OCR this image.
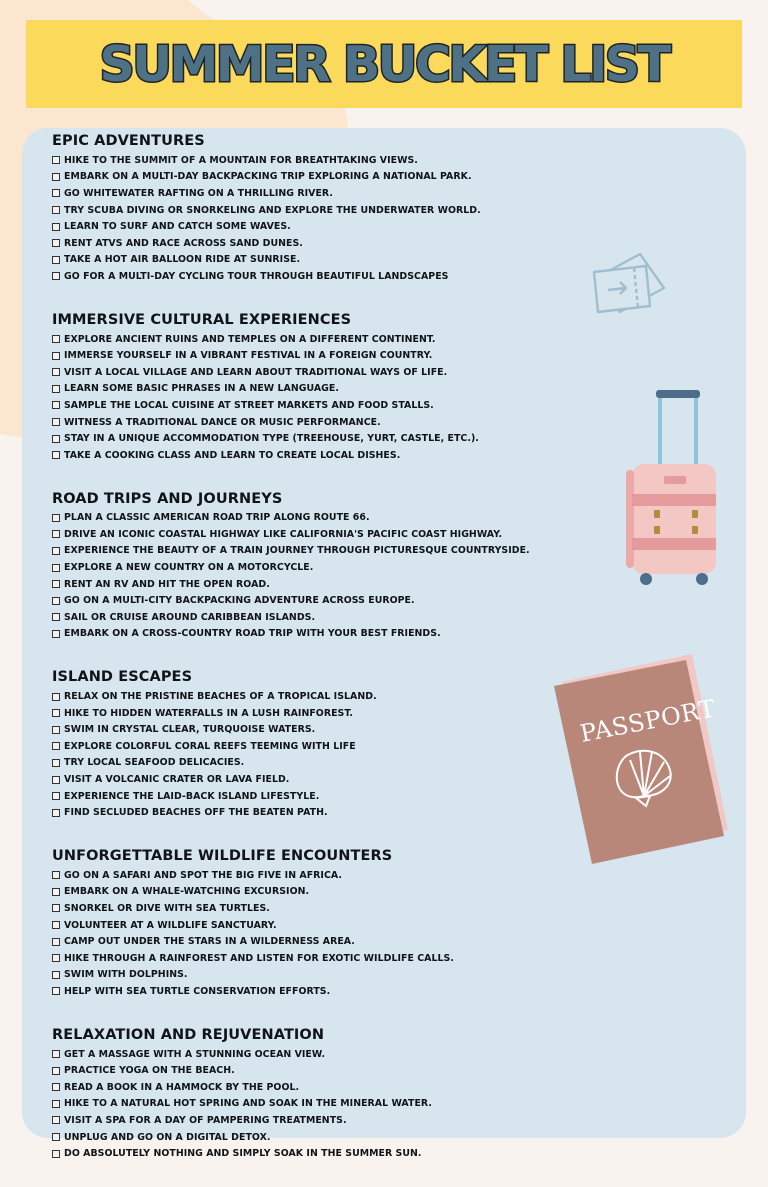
SUMMER BUCKET LIST
EPIC ADVENTURES
HIKE TO THE SUMMIT OF A MOUNTAIN FOR BREATHTAKING VIEWS.
EMBARK ON A MULTI-DAY BACKPACKING TRIP EXPLORING A NATIONAL PARK.
GO WHITEWATER RAFTING ON A THRILLING RIVER.
TRY SCUBA DIVING OR SNORKELING AND EXPLORE THE UNDERWATER WORLD.
LEARN TO SURF AND CATCH SOME WAVES.
RENT ATVS AND RACE ACROSS SAND DUNES.
TAKE A HOT AIR BALLOON RIDE AT SUNRISE.
GO FOR A MULTI-DAY CYCLING TOUR THROUGH BEAUTIFUL LANDSCAPES
IMMERSIVE CULTURAL EXPERIENCES
EXPLORE ANCIENT RUINS AND TEMPLES ON A DIFFERENT CONTINENT.
IMMERSE YOURSELF IN A VIBRANT FESTIVAL IN A FOREIGN COUNTRY.
VISIT A LOCAL VILLAGE AND LEARN ABOUT TRADITIONAL WAYS OF LIFE.
LEARN SOME BASIC PHRASES IN A NEW LANGUAGE.
SAMPLE THE LOCAL CUISINE AT STREET MARKETS AND FOOD STALLS.
WITNESS A TRADITIONAL DANCE OR MUSIC PERFORMANCE.
STAY IN A UNIQUE ACCOMMODATION TYPE (TREEHOUSE, YURT, CASTLE, ETC.).
TAKE A COOKING CLASS AND LEARN TO CREATE LOCAL DISHES.
ROAD TRIPS AND JOURNEYS
PLAN A CLASSIC AMERICAN ROAD TRIP ALONG ROUTE 66.
DRIVE AN ICONIC COASTAL HIGHWAY LIKE CALIFORNIA'S PACIFIC COAST HIGHWAY.
EXPERIENCE THE BEAUTY OF A TRAIN JOURNEY THROUGH PICTURESQUE COUNTRYSIDE.
EXPLORE A NEW COUNTRY ON A MOTORCYCLE.
RENT AN RV AND HIT THE OPEN ROAD.
GO ON A MULTI-CITY BACKPACKING ADVENTURE ACROSS EUROPE.
SAIL OR CRUISE AROUND CARIBBEAN ISLANDS.
EMBARK ON A CROSS-COUNTRY ROAD TRIP WITH YOUR BEST FRIENDS.
ISLAND ESCAPES
RELAX ON THE PRISTINE BEACHES OF A TROPICAL ISLAND.
HIKE TO HIDDEN WATERFALLS IN A LUSH RAINFOREST.
SWIM IN CRYSTAL CLEAR, TURQUOISE WATERS.
EXPLORE COLORFUL CORAL REEFS TEEMING WITH LIFE
TRY LOCAL SEAFOOD DELICACIES.
VISIT A VOLCANIC CRATER OR LAVA FIELD.
EXPERIENCE THE LAID-BACK ISLAND LIFESTYLE.
FIND SECLUDED BEACHES OFF THE BEATEN PATH.
UNFORGETTABLE WILDLIFE ENCOUNTERS
GO ON A SAFARI AND SPOT THE BIG FIVE IN AFRICA.
EMBARK ON A WHALE-WATCHING EXCURSION.
SNORKEL OR DIVE WITH SEA TURTLES.
VOLUNTEER AT A WILDLIFE SANCTUARY.
CAMP OUT UNDER THE STARS IN A WILDERNESS AREA.
HIKE THROUGH A RAINFOREST AND LISTEN FOR EXOTIC WILDLIFE CALLS.
SWIM WITH DOLPHINS.
HELP WITH SEA TURTLE CONSERVATION EFFORTS.
RELAXATION AND REJUVENATION
GET A MASSAGE WITH A STUNNING OCEAN VIEW.
PRACTICE YOGA ON THE BEACH.
READ A BOOK IN A HAMMOCK BY THE POOL.
HIKE TO A NATURAL HOT SPRING AND SOAK IN THE MINERAL WATER.
VISIT A SPA FOR A DAY OF PAMPERING TREATMENTS.
UNPLUG AND GO ON A DIGITAL DETOX.
DO ABSOLUTELY NOTHING AND SIMPLY SOAK IN THE SUMMER SUN.
PASSPORT
